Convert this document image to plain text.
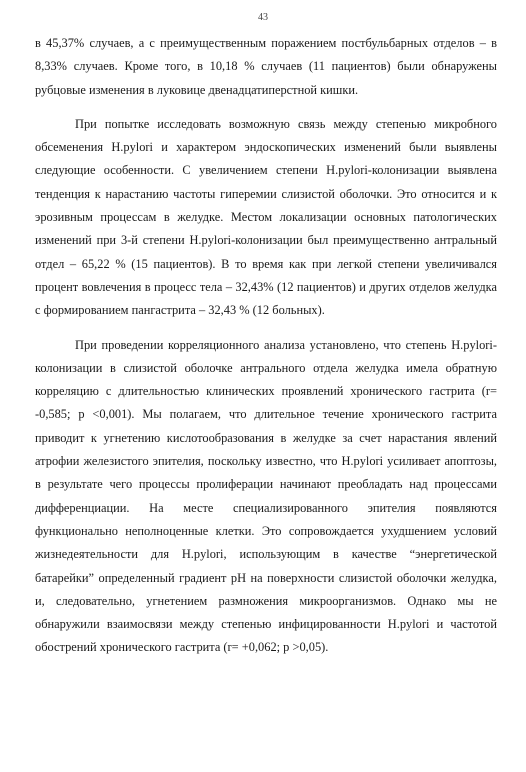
43

в 45,37% случаев, а с преимущественным поражением постбульбарных отделов – в 8,33% случаев. Кроме того, в 10,18 % случаев (11 пациентов) были обнаружены рубцовые изменения в луковице двенадцатиперстной кишки.

При попытке исследовать возможную связь между степенью микробного обсеменения H.pylori и характером эндоскопических изменений были выявлены следующие особенности. С увеличением степени H.pylori-колонизации выявлена тенденция к нарастанию частоты гиперемии слизистой оболочки. Это относится и к эрозивным процессам в желудке. Местом локализации основных патологических изменений при 3-й степени H.pylori-колонизации был преимущественно антральный отдел – 65,22 % (15 пациентов). В то время как при легкой степени увеличивался процент вовлечения в процесс тела – 32,43% (12 пациентов) и других отделов желудка с формированием пангастрита – 32,43 % (12 больных).

При проведении корреляционного анализа установлено, что степень H.pylori-колонизации в слизистой оболочке антрального отдела желудка имела обратную корреляцию с длительностью клинических проявлений хронического гастрита (r= -0,585; p <0,001). Мы полагаем, что длительное течение хронического гастрита приводит к угнетению кислотообразования в желудке за счет нарастания явлений атрофии железистого эпителия, поскольку известно, что H.pylori усиливает апоптозы, в результате чего процессы пролиферации начинают преобладать над процессами дифференциации. На месте специализированного эпителия появляются функционально неполноценные клетки. Это сопровождается ухудшением условий жизнедеятельности для H.pylori, использующим в качестве “энергетической батарейки” определенный градиент pH на поверхности слизистой оболочки желудка, и, следовательно, угнетением размножения микроорганизмов. Однако мы не обнаружили взаимосвязи между степенью инфицированности H.pylori и частотой обострений хронического гастрита (r= +0,062; p >0,05).
